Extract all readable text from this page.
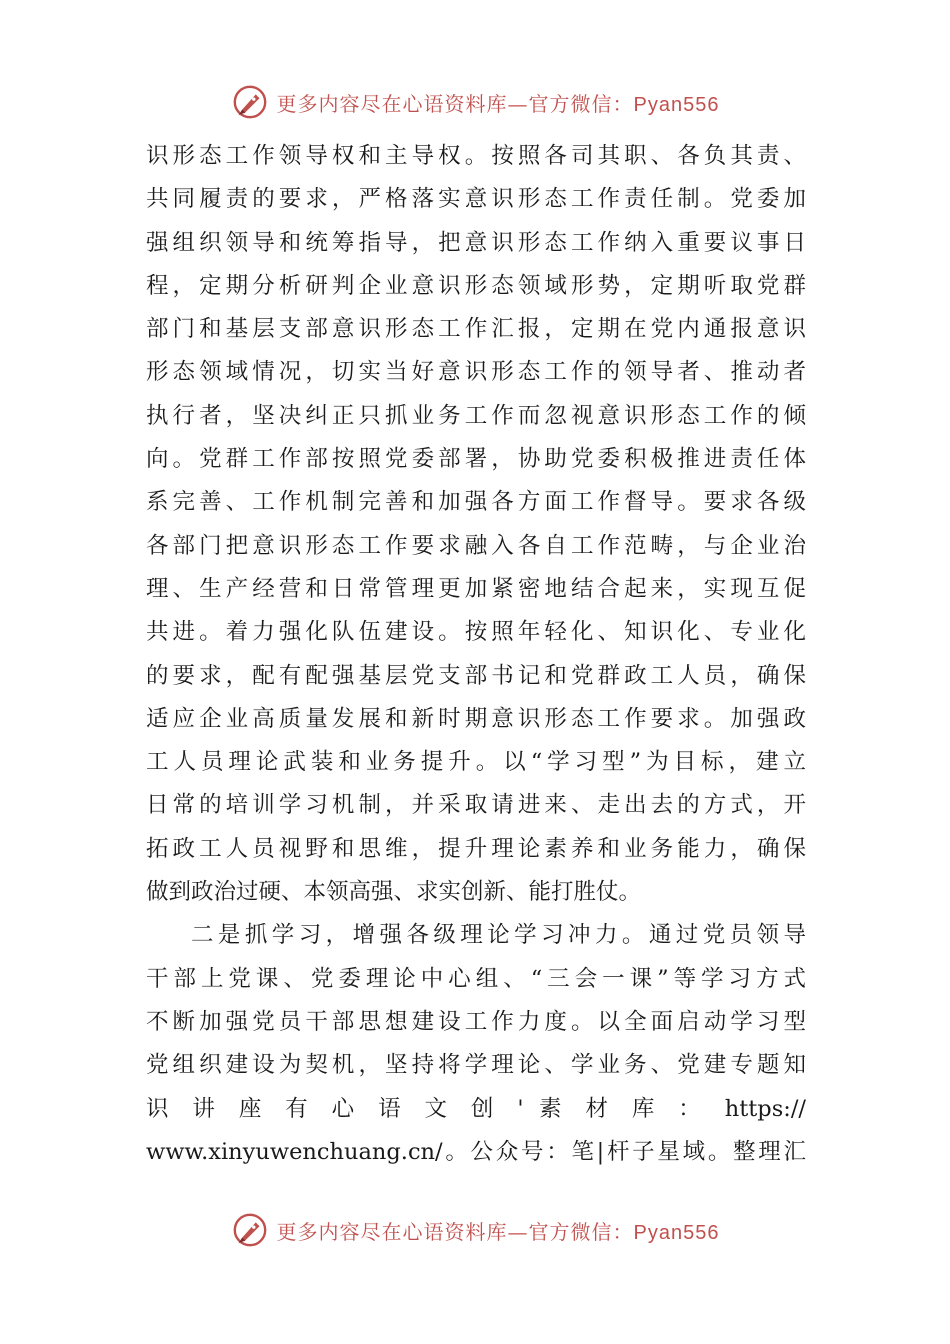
更多内容尽在心语资料库—官方微信：Pyan556
识形态工作领导权和主导权。按照各司其职、各负其责、
共同履责的要求，严格落实意识形态工作责任制。党委加
强组织领导和统筹指导，把意识形态工作纳入重要议事日
程，定期分析研判企业意识形态领域形势，定期听取党群
部门和基层支部意识形态工作汇报，定期在党内通报意识
形态领域情况，切实当好意识形态工作的领导者、推动者
执行者，坚决纠正只抓业务工作而忽视意识形态工作的倾
向。党群工作部按照党委部署，协助党委积极推进责任体
系完善、工作机制完善和加强各方面工作督导。要求各级
各部门把意识形态工作要求融入各自工作范畴，与企业治
理、生产经营和日常管理更加紧密地结合起来，实现互促
共进。着力强化队伍建设。按照年轻化、知识化、专业化
的要求，配有配强基层党支部书记和党群政工人员，确保
适应企业高质量发展和新时期意识形态工作要求。加强政
工人员理论武装和业务提升。以“学习型”为目标，建立
日常的培训学习机制，并采取请进来、走出去的方式，开
拓政工人员视野和思维，提升理论素养和业务能力，确保
做到政治过硬、本领高强、求实创新、能打胜仗。
二是抓学习，增强各级理论学习冲力。通过党员领导
干部上党课、党委理论中心组、“三会一课”等学习方式
不断加强党员干部思想建设工作力度。以全面启动学习型
党组织建设为契机，坚持将学理论、学业务、党建专题知
识 讲 座 有 心 语 文 创 ' 素 材 库 ： https://
www.xinyuwenchuang.cn/。公众号：笔|杆子星域。整理汇
更多内容尽在心语资料库—官方微信：Pyan556
